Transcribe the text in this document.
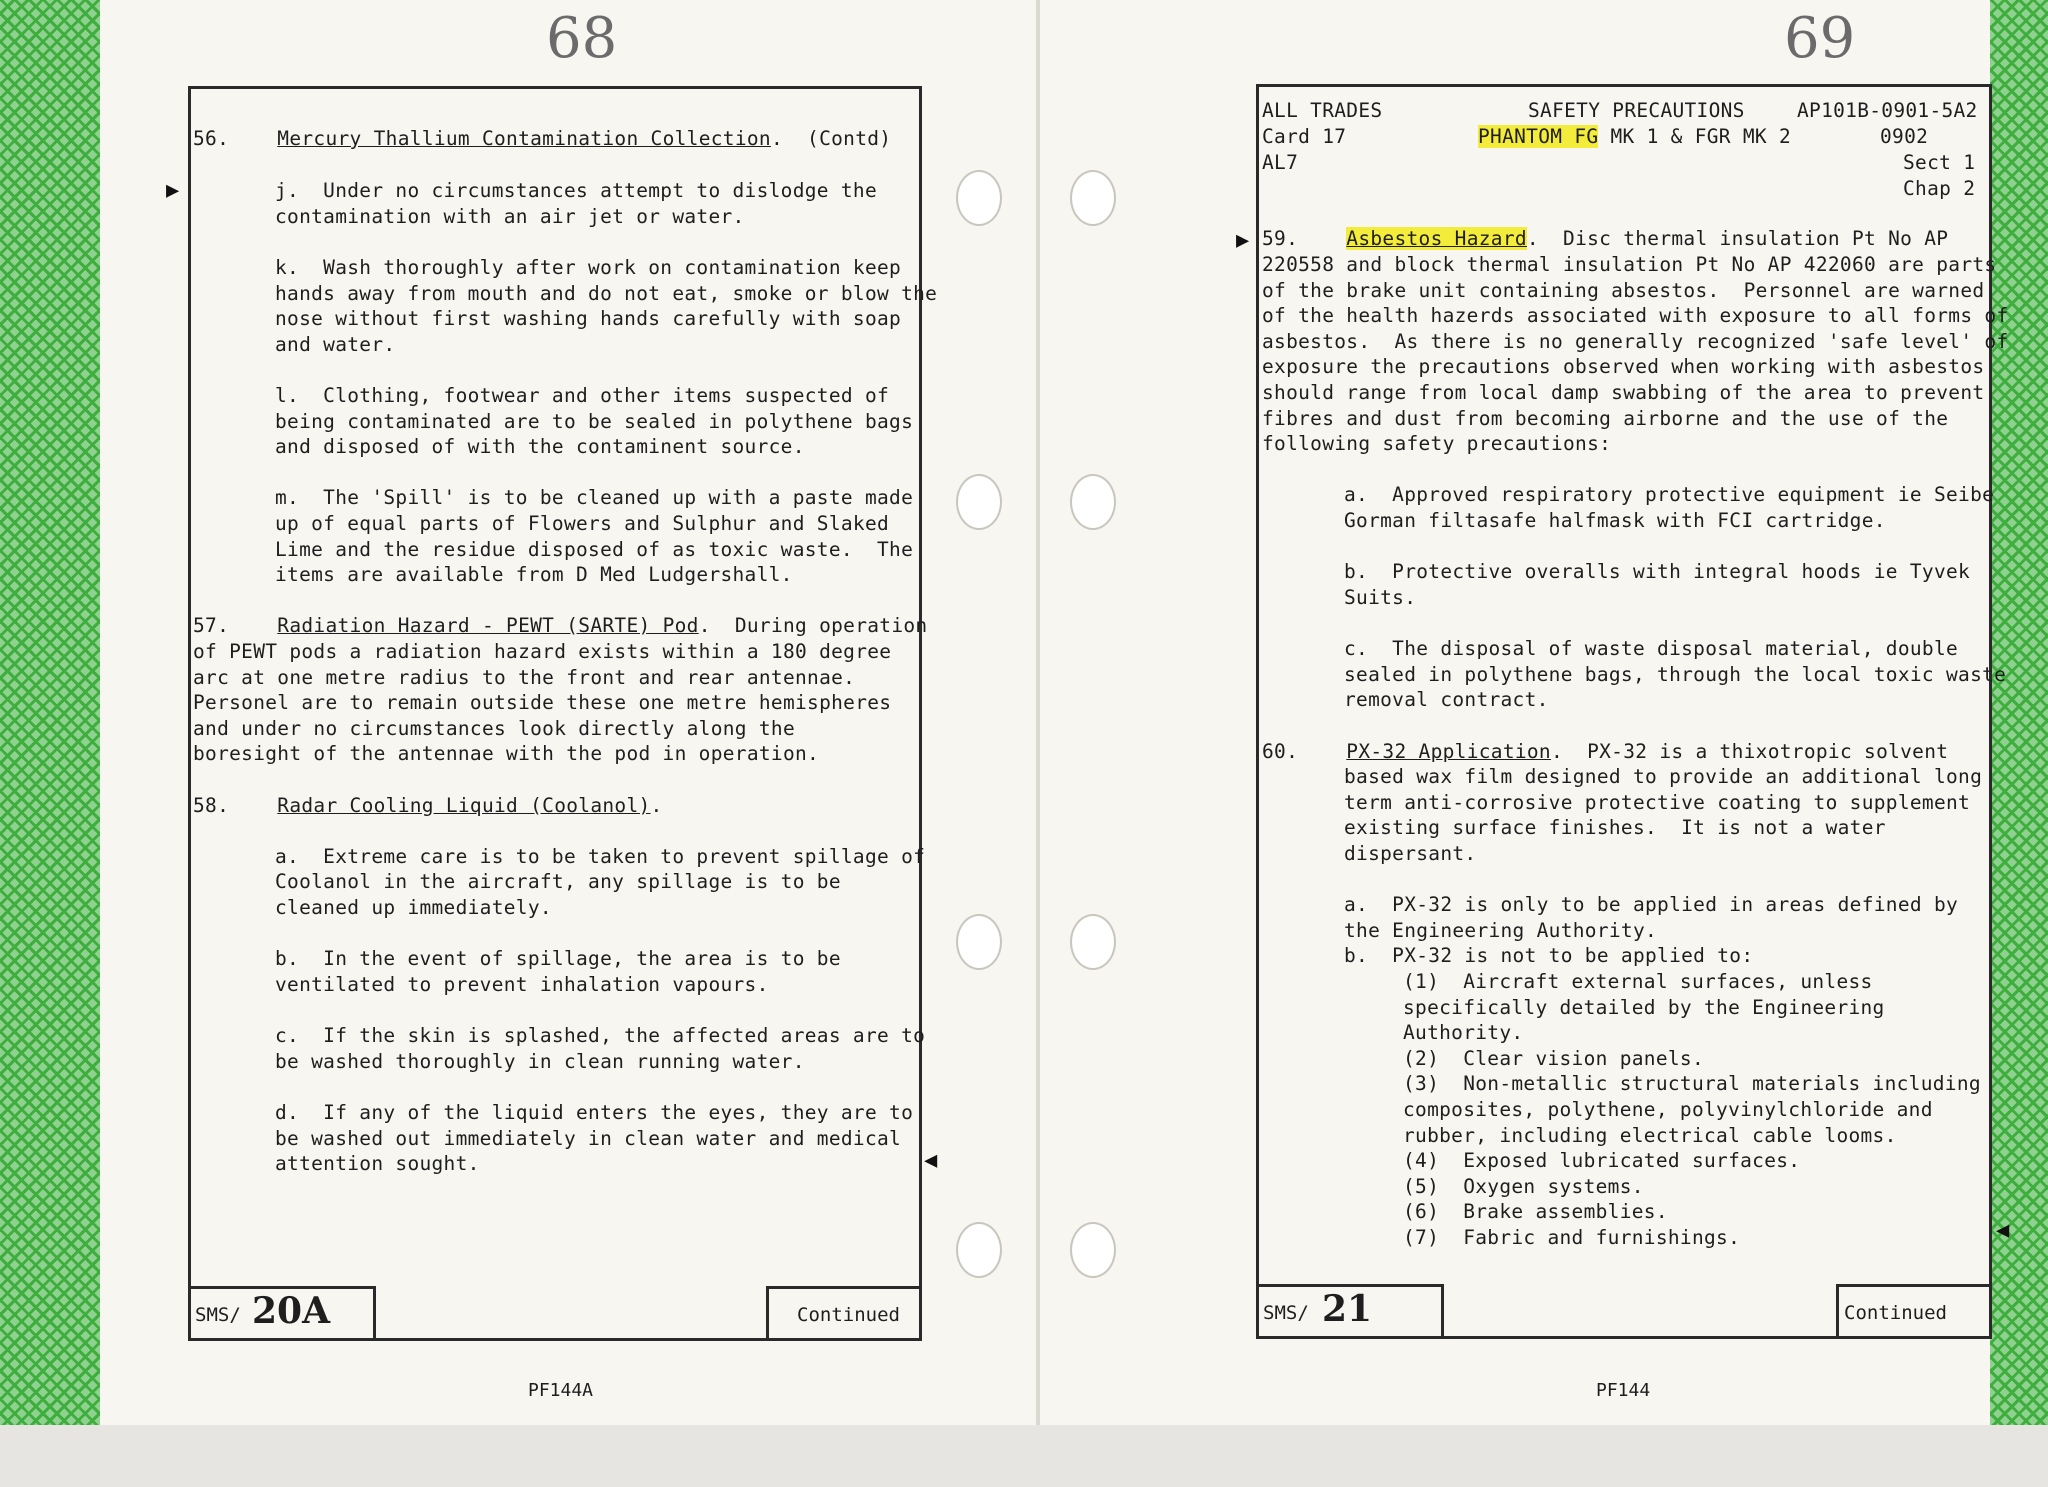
68	69
▶
◀
56. Mercury Thallium Contamination Collection.  (Contd)
j.  Under no circumstances attempt to dislodge the
contamination with an air jet or water.
k.  Wash thoroughly after work on contamination keep
hands away from mouth and do not eat, smoke or blow the
nose without first washing hands carefully with soap
and water.
l.  Clothing, footwear and other items suspected of
being contaminated are to be sealed in polythene bags
and disposed of with the contaminent source.
m.  The 'Spill' is to be cleaned up with a paste made
up of equal parts of Flowers and Sulphur and Slaked
Lime and the residue disposed of as toxic waste.  The
items are available from D Med Ludgershall.
57. Radiation Hazard - PEWT (SARTE) Pod.  During operation
of PEWT pods a radiation hazard exists within a 180 degree
arc at one metre radius to the front and rear antennae.
Personel are to remain outside these one metre hemispheres
and under no circumstances look directly along the
boresight of the antennae with the pod in operation.
58. Radar Cooling Liquid (Coolanol).
a.  Extreme care is to be taken to prevent spillage of
Coolanol in the aircraft, any spillage is to be
cleaned up immediately.
b.  In the event of spillage, the area is to be
ventilated to prevent inhalation vapours.
c.  If the skin is splashed, the affected areas are to
be washed thoroughly in clean running water.
d.  If any of the liquid enters the eyes, they are to
be washed out immediately in clean water and medical
attention sought.
SMS/ 20A	Continued
PF144A
▶
◀
ALL TRADES
Card 17
AL7
SAFETY PRECAUTIONS
PHANTOM FG MK 1 & FGR MK 2
AP101B-0901-5A2
0902
Sect 1
Chap 2
59. Asbestos Hazard.  Disc thermal insulation Pt No AP
220558 and block thermal insulation Pt No AP 422060 are parts
of the brake unit containing absestos.  Personnel are warned
of the health hazerds associated with exposure to all forms of
asbestos.  As there is no generally recognized 'safe level' of
exposure the precautions observed when working with asbestos
should range from local damp swabbing of the area to prevent
fibres and dust from becoming airborne and the use of the
following safety precautions:
a.  Approved respiratory protective equipment ie Seibe
Gorman filtasafe halfmask with FCI cartridge.
b.  Protective overalls with integral hoods ie Tyvek
Suits.
c.  The disposal of waste disposal material, double
sealed in polythene bags, through the local toxic waste
removal contract.
60. PX-32 Application.  PX-32 is a thixotropic solvent
based wax film designed to provide an additional long
term anti-corrosive protective coating to supplement
existing surface finishes.  It is not a water
dispersant.
a.  PX-32 is only to be applied in areas defined by
the Engineering Authority.
b.  PX-32 is not to be applied to:
(1)  Aircraft external surfaces, unless
specifically detailed by the Engineering
Authority.
(2)  Clear vision panels.
(3)  Non-metallic structural materials including
composites, polythene, polyvinylchloride and
rubber, including electrical cable looms.
(4)  Exposed lubricated surfaces.
(5)  Oxygen systems.
(6)  Brake assemblies.
(7)  Fabric and furnishings.
SMS/ 21	Continued
PF144
